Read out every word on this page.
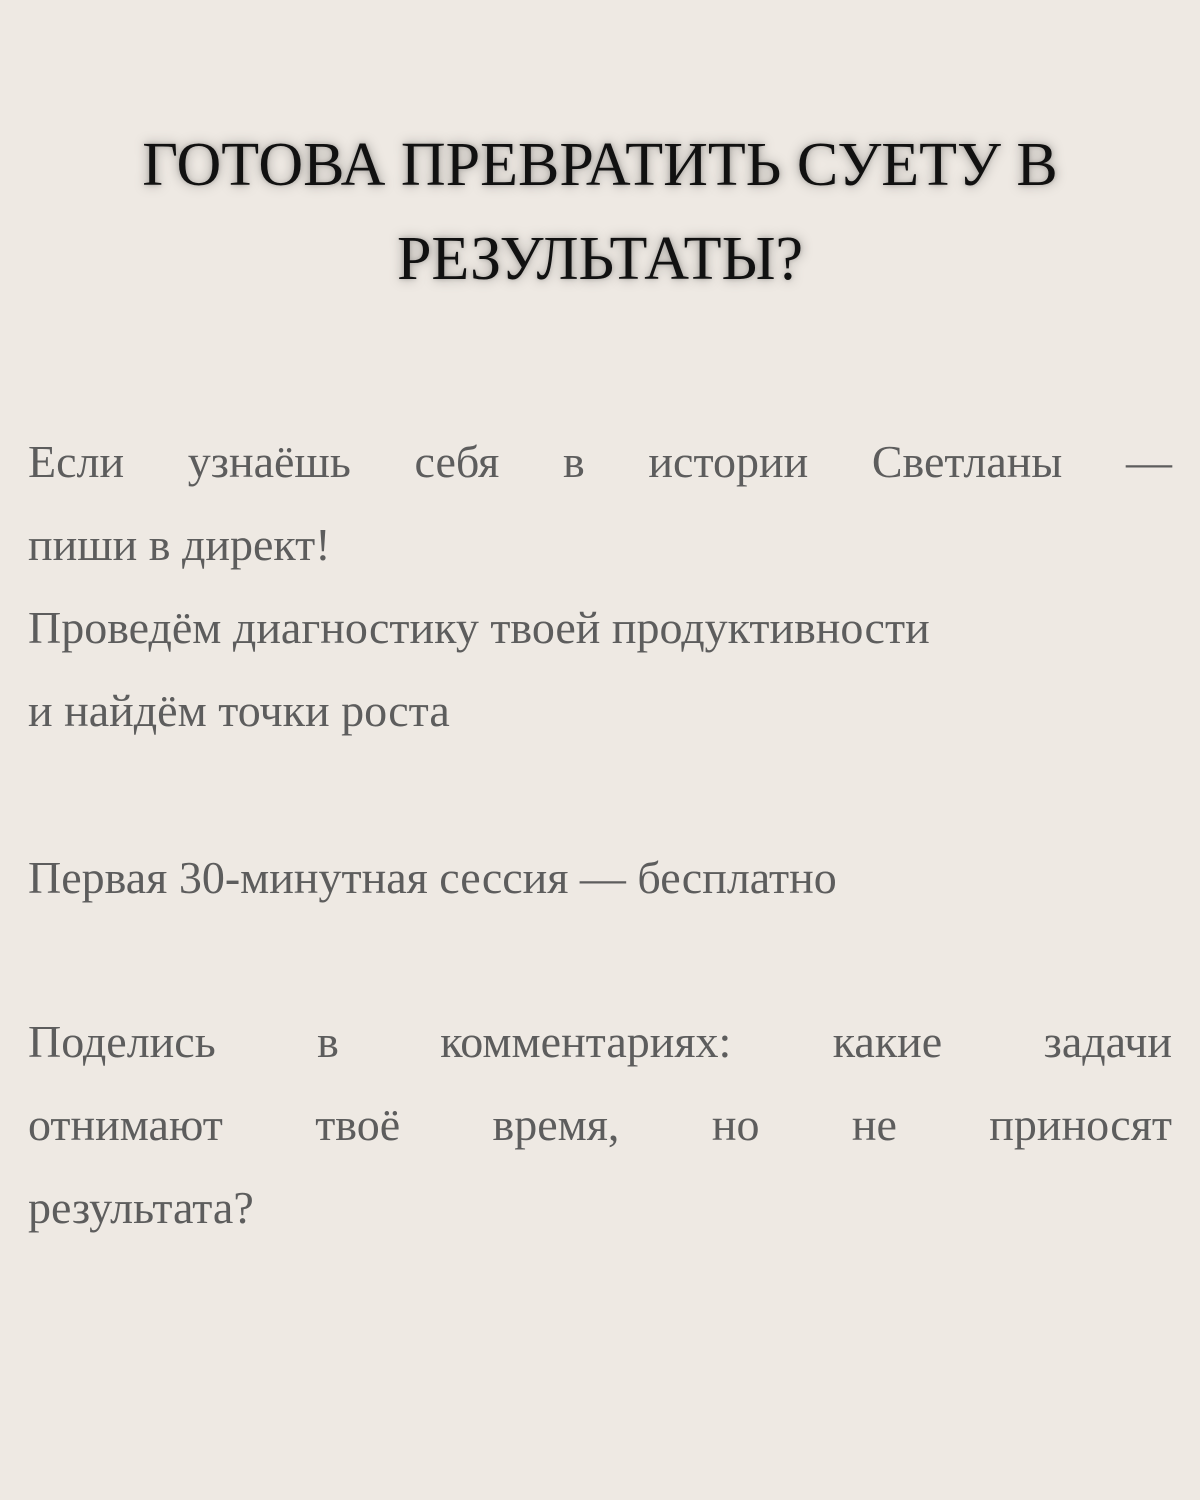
ГОТОВА ПРЕВРАТИТЬ СУЕТУ В
РЕЗУЛЬТАТЫ?
Если узнаёшь себя в истории Светланы —
пиши в директ!
Проведём диагностику твоей продуктивности
и найдём точки роста
Первая 30-минутная сессия — бесплатно
Поделись в комментариях: какие задачи
отнимают твоё время, но не приносят
результата?
